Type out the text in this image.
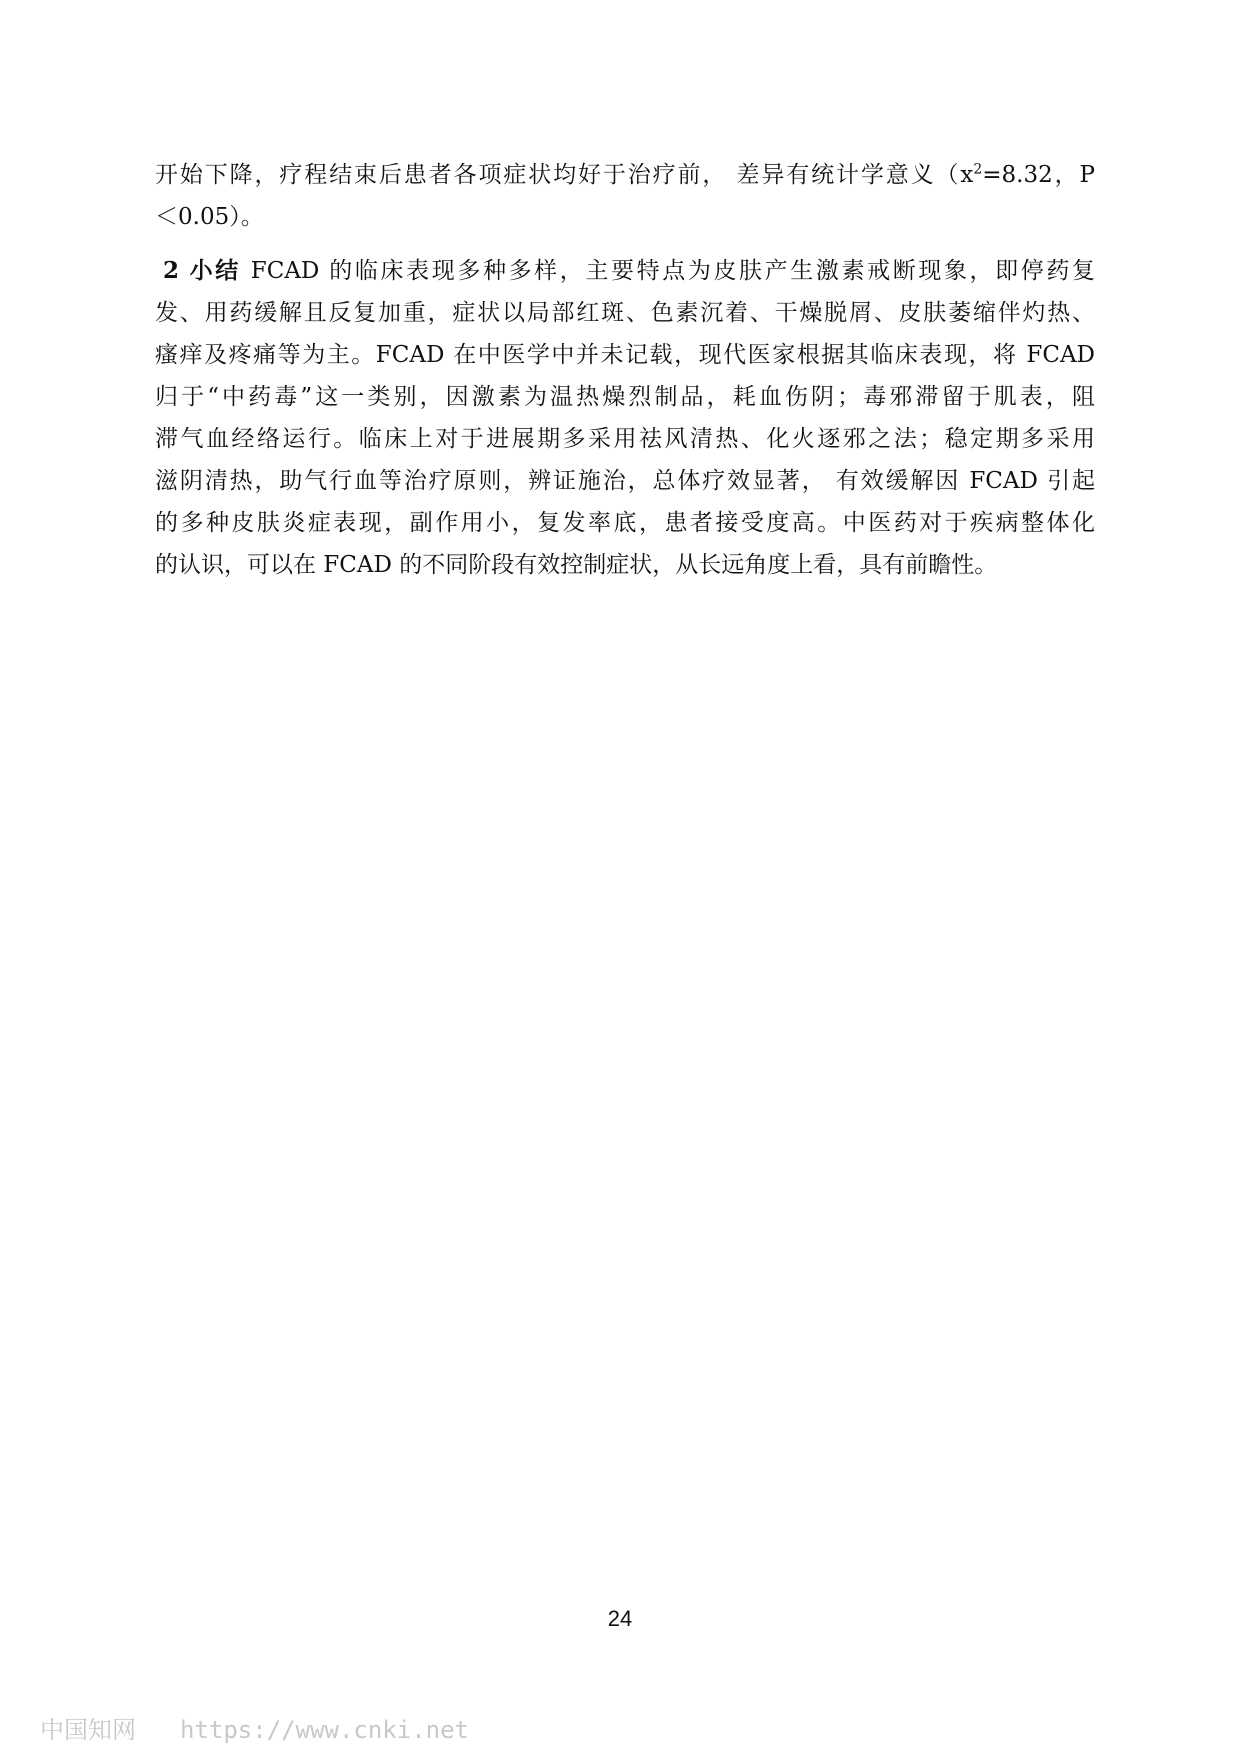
开始下降，疗程结束后患者各项症状均好于治疗前， 差异有统计学意义（$x^2=8.32$，P
＜0.05）。

2 小结 FCAD 的临床表现多种多样，主要特点为皮肤产生激素戒断现象，即停药复
发、用药缓解且反复加重，症状以局部红斑、色素沉着、干燥脱屑、皮肤萎缩伴灼热、
瘙痒及疼痛等为主。FCAD 在中医学中并未记载，现代医家根据其临床表现，将 FCAD
归于“中药毒”这一类别，因激素为温热燥烈制品，耗血伤阴；毒邪滞留于肌表，阻
滞气血经络运行。临床上对于进展期多采用祛风清热、化火逐邪之法；稳定期多采用
滋阴清热，助气行血等治疗原则，辨证施治，总体疗效显著， 有效缓解因 FCAD 引起
的多种皮肤炎症表现，副作用小，复发率底，患者接受度高。中医药对于疾病整体化
的认识，可以在 FCAD 的不同阶段有效控制症状，从长远角度上看，具有前瞻性。

24
中国知网 https://www.cnki.net
